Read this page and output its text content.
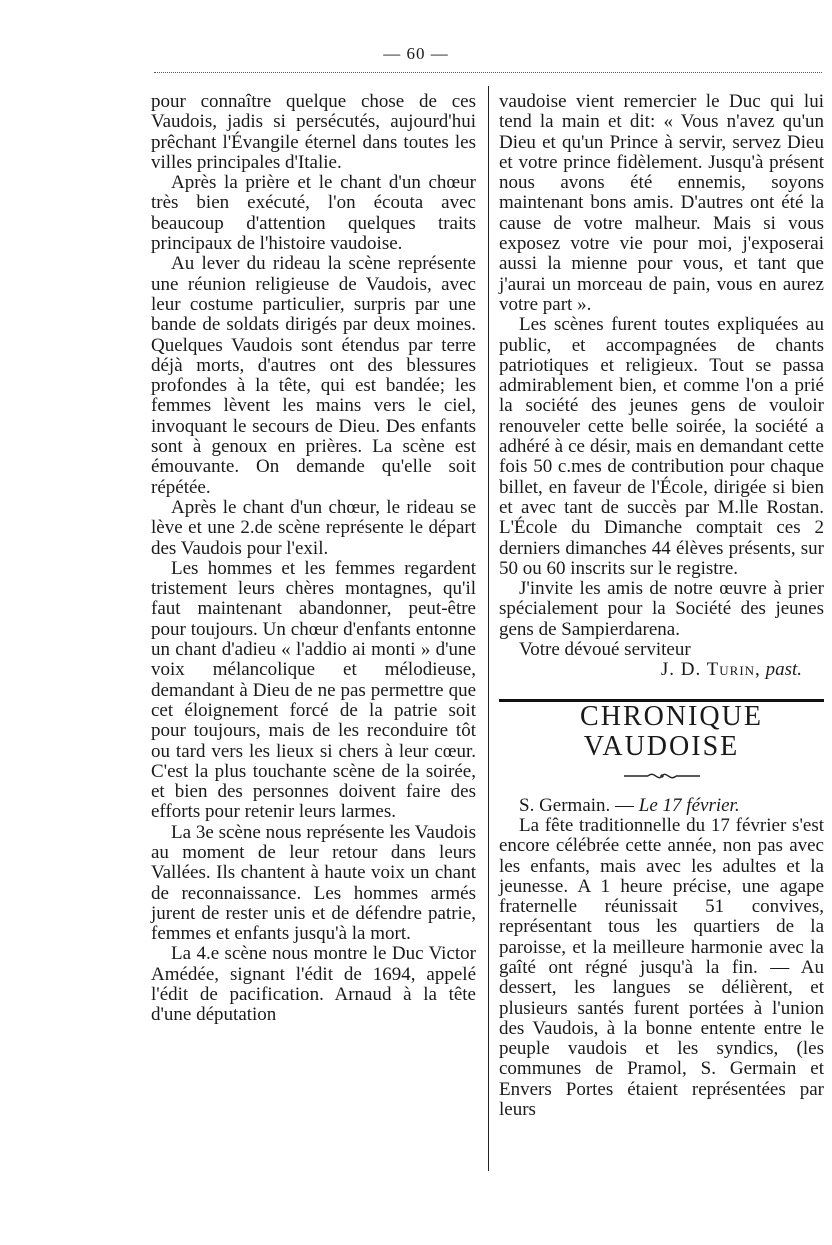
— 60 —

pour connaître quelque chose de ces Vaudois, jadis si persécutés, aujourd'hui prêchant l'Évangile éternel dans toutes les villes principales d'Italie.

Après la prière et le chant d'un chœur très bien exécuté, l'on écouta avec beaucoup d'attention quelques traits principaux de l'histoire vaudoise.

Au lever du rideau la scène représente une réunion religieuse de Vaudois, avec leur costume particulier, surpris par une bande de soldats dirigés par deux moines. Quelques Vaudois sont étendus par terre déjà morts, d'autres ont des blessures profondes à la tête, qui est bandée; les femmes lèvent les mains vers le ciel, invoquant le secours de Dieu. Des enfants sont à genoux en prières. La scène est émouvante. On demande qu'elle soit répétée.

Après le chant d'un chœur, le rideau se lève et une 2.de scène représente le départ des Vaudois pour l'exil.

Les hommes et les femmes regardent tristement leurs chères montagnes, qu'il faut maintenant abandonner, peut-être pour toujours. Un chœur d'enfants entonne un chant d'adieu « l'addio ai monti » d'une voix mélancolique et mélodieuse, demandant à Dieu de ne pas permettre que cet éloignement forcé de la patrie soit pour toujours, mais de les reconduire tôt ou tard vers les lieux si chers à leur cœur. C'est la plus touchante scène de la soirée, et bien des personnes doivent faire des efforts pour retenir leurs larmes.

La 3e scène nous représente les Vaudois au moment de leur retour dans leurs Vallées. Ils chantent à haute voix un chant de reconnaissance. Les hommes armés jurent de rester unis et de défendre patrie, femmes et enfants jusqu'à la mort.

La 4.e scène nous montre le Duc Victor Amédée, signant l'édit de 1694, appelé l'édit de pacification. Arnaud à la tête d'une députation

vaudoise vient remercier le Duc qui lui tend la main et dit: « Vous n'avez qu'un Dieu et qu'un Prince à servir, servez Dieu et votre prince fidèlement. Jusqu'à présent nous avons été ennemis, soyons maintenant bons amis. D'autres ont été la cause de votre malheur. Mais si vous exposez votre vie pour moi, j'exposerai aussi la mienne pour vous, et tant que j'aurai un morceau de pain, vous en aurez votre part ».

Les scènes furent toutes expliquées au public, et accompagnées de chants patriotiques et religieux. Tout se passa admirablement bien, et comme l'on a prié la société des jeunes gens de vouloir renouveler cette belle soirée, la société a adhéré à ce désir, mais en demandant cette fois 50 c.mes de contribution pour chaque billet, en faveur de l'École, dirigée si bien et avec tant de succès par M.lle Rostan. L'École du Dimanche comptait ces 2 derniers dimanches 44 élèves présents, sur 50 ou 60 inscrits sur le registre.

J'invite les amis de notre œuvre à prier spécialement pour la Société des jeunes gens de Sampierdarena.

Votre dévoué serviteur

J. D. Turin, past.

CHRONIQUE VAUDOISE

S. Germain. — Le 17 février.

La fête traditionnelle du 17 février s'est encore célébrée cette année, non pas avec les enfants, mais avec les adultes et la jeunesse. A 1 heure précise, une agape fraternelle réunissait 51 convives, représentant tous les quartiers de la paroisse, et la meilleure harmonie avec la gaîté ont régné jusqu'à la fin. — Au dessert, les langues se délièrent, et plusieurs santés furent portées à l'union des Vaudois, à la bonne entente entre le peuple vaudois et les syndics, (les communes de Pramol, S. Germain et Envers Portes étaient représentées par leurs
